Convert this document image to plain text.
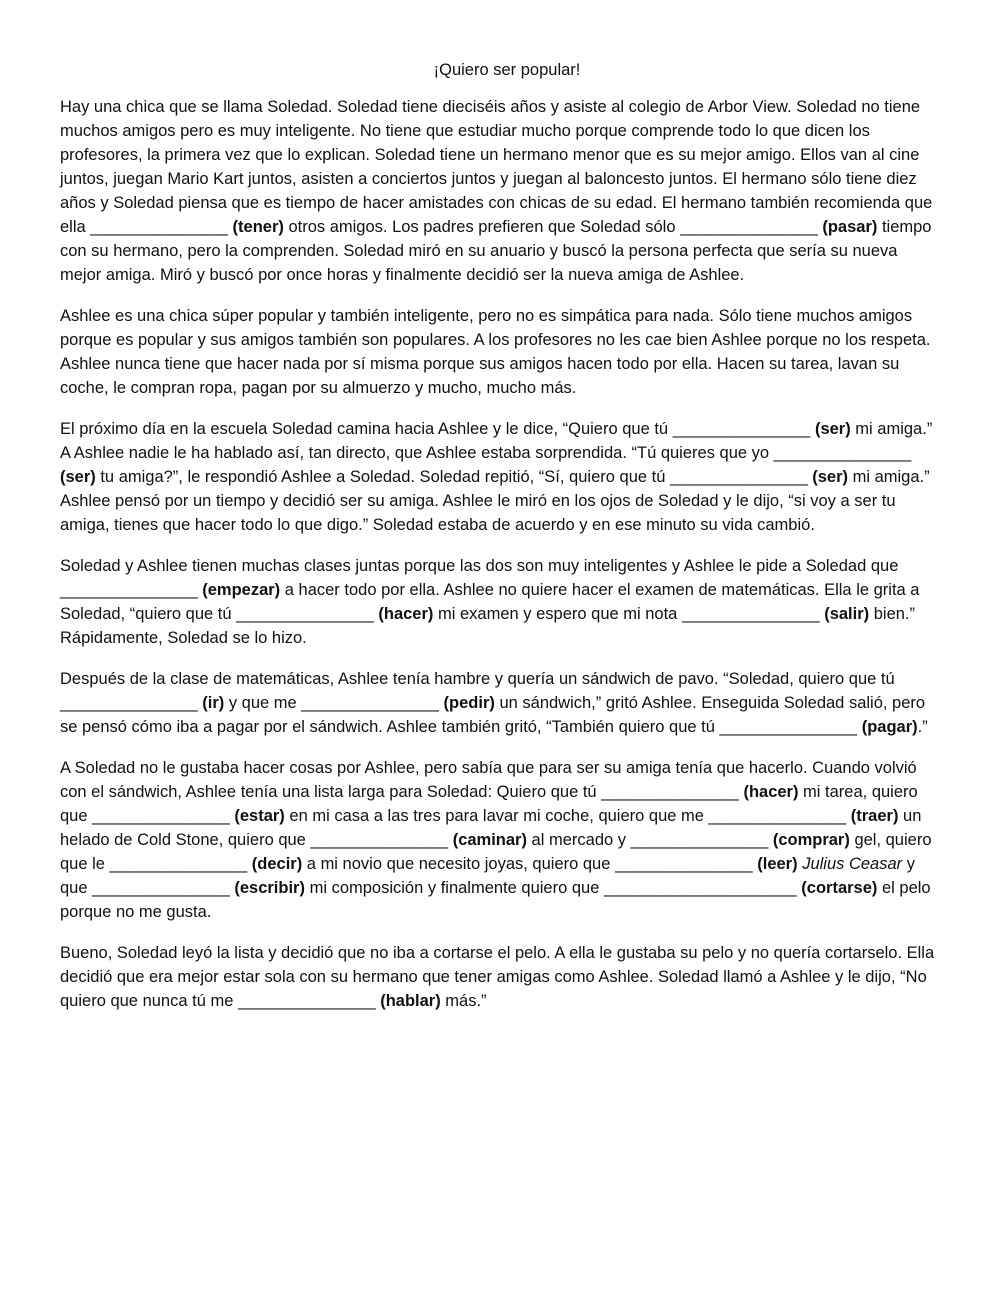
¡Quiero ser popular!

Hay una chica que se llama Soledad. Soledad tiene dieciséis años y asiste al colegio de Arbor View. Soledad no tiene muchos amigos pero es muy inteligente. No tiene que estudiar mucho porque comprende todo lo que dicen los profesores, la primera vez que lo explican. Soledad tiene un hermano menor que es su mejor amigo. Ellos van al cine juntos, juegan Mario Kart juntos, asisten a conciertos juntos y juegan al baloncesto juntos. El hermano sólo tiene diez años y Soledad piensa que es tiempo de hacer amistades con chicas de su edad. El hermano también recomienda que ella _______________ (tener) otros amigos. Los padres prefieren que Soledad sólo _______________ (pasar) tiempo con su hermano, pero la comprenden. Soledad miró en su anuario y buscó la persona perfecta que sería su nueva mejor amiga. Miró y buscó por once horas y finalmente decidió ser la nueva amiga de Ashlee.

Ashlee es una chica súper popular y también inteligente, pero no es simpática para nada. Sólo tiene muchos amigos porque es popular y sus amigos también son populares. A los profesores no les cae bien Ashlee porque no los respeta. Ashlee nunca tiene que hacer nada por sí misma porque sus amigos hacen todo por ella. Hacen su tarea, lavan su coche, le compran ropa, pagan por su almuerzo y mucho, mucho más.

El próximo día en la escuela Soledad camina hacia Ashlee y le dice, “Quiero que tú _______________ (ser) mi amiga.” A Ashlee nadie le ha hablado así, tan directo, que Ashlee estaba sorprendida. “Tú quieres que yo _______________ (ser) tu amiga?”, le respondió Ashlee a Soledad. Soledad repitió, “Sí, quiero que tú _______________ (ser) mi amiga.” Ashlee pensó por un tiempo y decidió ser su amiga. Ashlee le miró en los ojos de Soledad y le dijo, “si voy a ser tu amiga, tienes que hacer todo lo que digo.” Soledad estaba de acuerdo y en ese minuto su vida cambió.

Soledad y Ashlee tienen muchas clases juntas porque las dos son muy inteligentes y Ashlee le pide a Soledad que _______________ (empezar) a hacer todo por ella. Ashlee no quiere hacer el examen de matemáticas. Ella le grita a Soledad, “quiero que tú _______________ (hacer) mi examen y espero que mi nota _______________ (salir) bien.” Rápidamente, Soledad se lo hizo.

Después de la clase de matemáticas, Ashlee tenía hambre y quería un sándwich de pavo. “Soledad, quiero que tú _______________ (ir) y que me _______________ (pedir) un sándwich,” gritó Ashlee. Enseguida Soledad salió, pero se pensó cómo iba a pagar por el sándwich. Ashlee también gritó, “También quiero que tú _______________ (pagar).”

A Soledad no le gustaba hacer cosas por Ashlee, pero sabía que para ser su amiga tenía que hacerlo. Cuando volvió con el sándwich, Ashlee tenía una lista larga para Soledad: Quiero que tú _______________ (hacer) mi tarea, quiero que _______________ (estar) en mi casa a las tres para lavar mi coche, quiero que me _______________ (traer) un helado de Cold Stone, quiero que _______________ (caminar) al mercado y _______________ (comprar) gel, quiero que le _______________ (decir) a mi novio que necesito joyas, quiero que _______________ (leer) Julius Ceasar y que _______________ (escribir) mi composición y finalmente quiero que _____________________ (cortarse) el pelo porque no me gusta.

Bueno, Soledad leyó la lista y decidió que no iba a cortarse el pelo. A ella le gustaba su pelo y no quería cortarselo. Ella decidió que era mejor estar sola con su hermano que tener amigas como Ashlee. Soledad llamó a Ashlee y le dijo, “No quiero que nunca tú me _______________ (hablar) más.”
